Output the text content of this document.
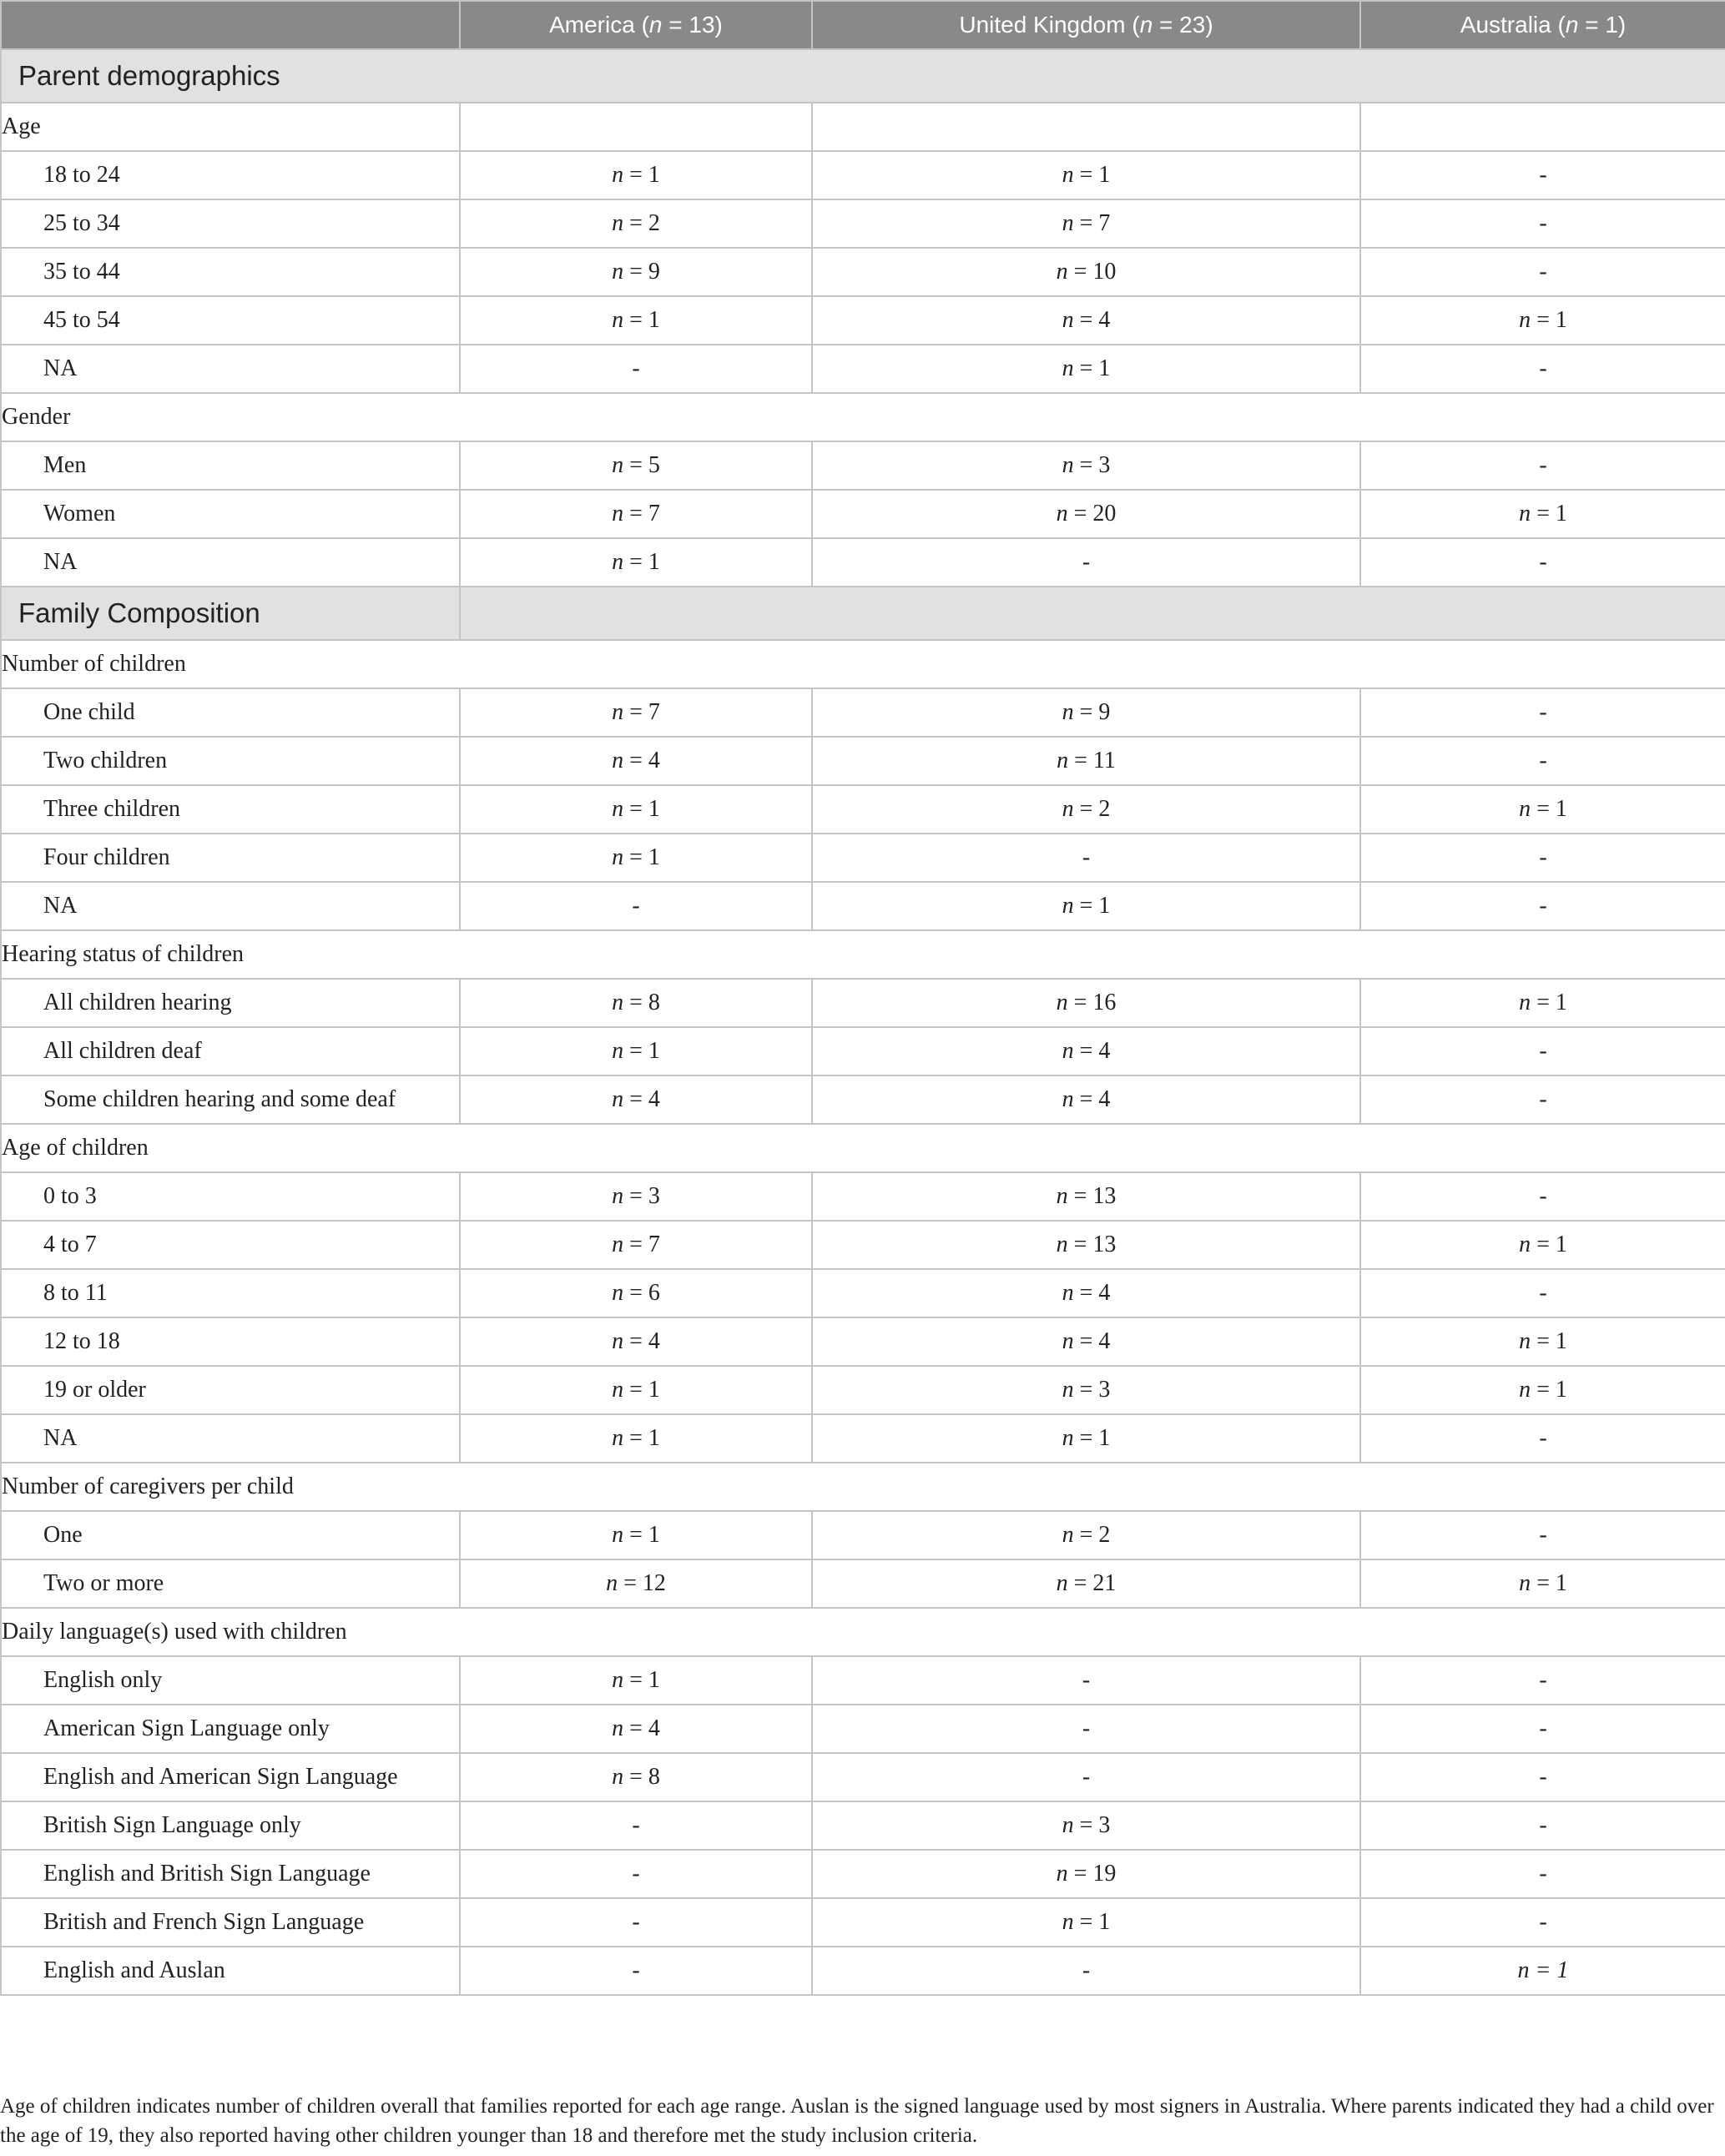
	America (n = 13)	United Kingdom (n = 23)	Australia (n = 1)
Parent demographics			
Age			
18 to 24	n = 1	n = 1	-
25 to 34	n = 2	n = 7	-
35 to 44	n = 9	n = 10	-
45 to 54	n = 1	n = 4	n = 1
NA	-	n = 1	-
Gender			
Men	n = 5	n = 3	-
Women	n = 7	n = 20	n = 1
NA	n = 1	-	-
Family Composition			
Number of children			
One child	n = 7	n = 9	-
Two children	n = 4	n = 11	-
Three children	n = 1	n = 2	n = 1
Four children	n = 1	-	-
NA	-	n = 1	-
Hearing status of children			
All children hearing	n = 8	n = 16	n = 1
All children deaf	n = 1	n = 4	-
Some children hearing and some deaf	n = 4	n = 4	-
Age of children			
0 to 3	n = 3	n = 13	-
4 to 7	n = 7	n = 13	n = 1
8 to 11	n = 6	n = 4	-
12 to 18	n = 4	n = 4	n = 1
19 or older	n = 1	n = 3	n = 1
NA	n = 1	n = 1	-
Number of caregivers per child			
One	n = 1	n = 2	-
Two or more	n = 12	n = 21	n = 1
Daily language(s) used with children			
English only	n = 1	-	-
American Sign Language only	n = 4	-	-
English and American Sign Language	n = 8	-	-
British Sign Language only	-	n = 3	-
English and British Sign Language	-	n = 19	-
British and French Sign Language	-	n = 1	-
English and Auslan	-	-	n = 1
Age of children indicates number of children overall that families reported for each age range. Auslan is the signed language used by most signers in Australia. Where parents indicated they had a child over the age of 19, they also reported having other children younger than 18 and therefore met the study inclusion criteria.
